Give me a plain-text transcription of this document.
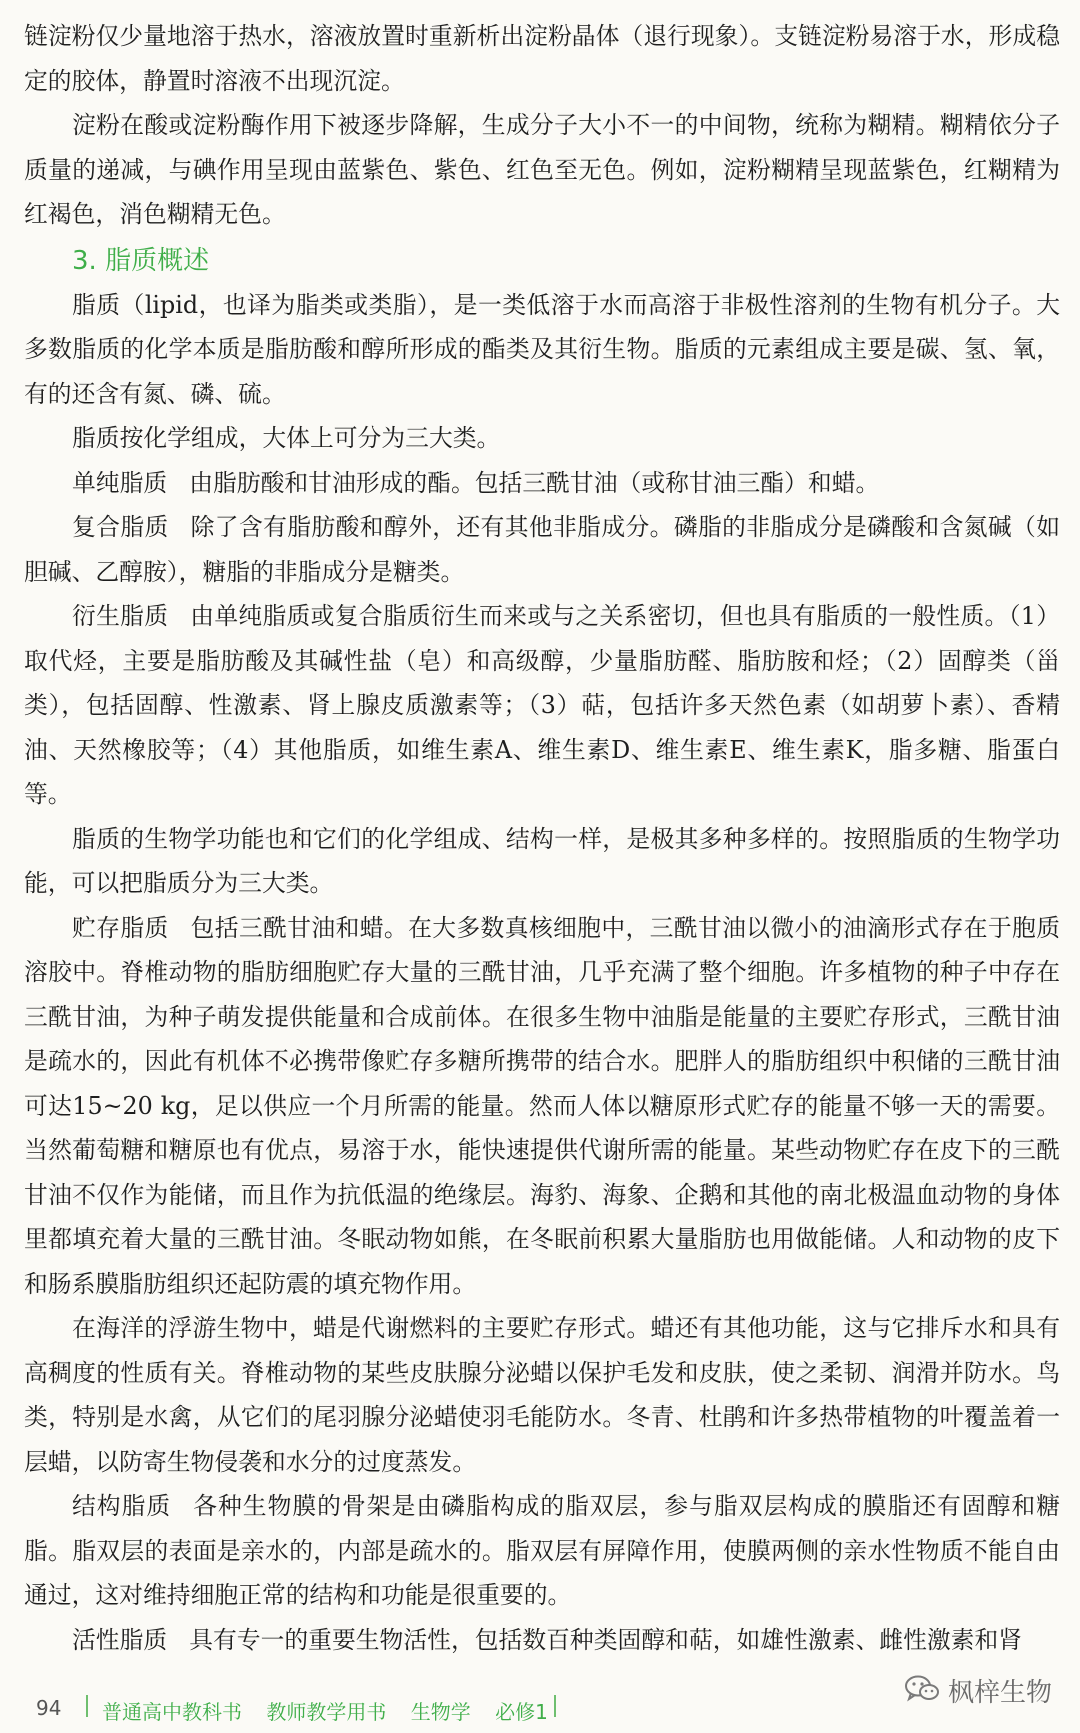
链淀粉仅少量地溶于热水，溶液放置时重新析出淀粉晶体（退行现象）。支链淀粉易溶于水，形成稳定的胶体，静置时溶液不出现沉淀。

淀粉在酸或淀粉酶作用下被逐步降解，生成分子大小不一的中间物，统称为糊精。糊精依分子质量的递减，与碘作用呈现由蓝紫色、紫色、红色至无色。例如，淀粉糊精呈现蓝紫色，红糊精为红褐色，消色糊精无色。

3. 脂质概述

脂质（lipid，也译为脂类或类脂），是一类低溶于水而高溶于非极性溶剂的生物有机分子。大多数脂质的化学本质是脂肪酸和醇所形成的酯类及其衍生物。脂质的元素组成主要是碳、氢、氧，有的还含有氮、磷、硫。

脂质按化学组成，大体上可分为三大类。

单纯脂质 由脂肪酸和甘油形成的酯。包括三酰甘油（或称甘油三酯）和蜡。

复合脂质 除了含有脂肪酸和醇外，还有其他非脂成分。磷脂的非脂成分是磷酸和含氮碱（如胆碱、乙醇胺），糖脂的非脂成分是糖类。

衍生脂质 由单纯脂质或复合脂质衍生而来或与之关系密切，但也具有脂质的一般性质。（1）取代烃，主要是脂肪酸及其碱性盐（皂）和高级醇，少量脂肪醛、脂肪胺和烃；（2）固醇类（甾类），包括固醇、性激素、肾上腺皮质激素等；（3）萜，包括许多天然色素（如胡萝卜素）、香精油、天然橡胶等；（4）其他脂质，如维生素A、维生素D、维生素E、维生素K，脂多糖、脂蛋白等。

脂质的生物学功能也和它们的化学组成、结构一样，是极其多种多样的。按照脂质的生物学功能，可以把脂质分为三大类。

贮存脂质 包括三酰甘油和蜡。在大多数真核细胞中，三酰甘油以微小的油滴形式存在于胞质溶胶中。脊椎动物的脂肪细胞贮存大量的三酰甘油，几乎充满了整个细胞。许多植物的种子中存在三酰甘油，为种子萌发提供能量和合成前体。在很多生物中油脂是能量的主要贮存形式，三酰甘油是疏水的，因此有机体不必携带像贮存多糖所携带的结合水。肥胖人的脂肪组织中积储的三酰甘油可达15~20 kg，足以供应一个月所需的能量。然而人体以糖原形式贮存的能量不够一天的需要。当然葡萄糖和糖原也有优点，易溶于水，能快速提供代谢所需的能量。某些动物贮存在皮下的三酰甘油不仅作为能储，而且作为抗低温的绝缘层。海豹、海象、企鹅和其他的南北极温血动物的身体里都填充着大量的三酰甘油。冬眠动物如熊，在冬眠前积累大量脂肪也用做能储。人和动物的皮下和肠系膜脂肪组织还起防震的填充物作用。

在海洋的浮游生物中，蜡是代谢燃料的主要贮存形式。蜡还有其他功能，这与它排斥水和具有高稠度的性质有关。脊椎动物的某些皮肤腺分泌蜡以保护毛发和皮肤，使之柔韧、润滑并防水。鸟类，特别是水禽，从它们的尾羽腺分泌蜡使羽毛能防水。冬青、杜鹃和许多热带植物的叶覆盖着一层蜡，以防寄生物侵袭和水分的过度蒸发。

结构脂质 各种生物膜的骨架是由磷脂构成的脂双层，参与脂双层构成的膜脂还有固醇和糖脂。脂双层的表面是亲水的，内部是疏水的。脂双层有屏障作用，使膜两侧的亲水性物质不能自由通过，这对维持细胞正常的结构和功能是很重要的。

活性脂质 具有专一的重要生物活性，包括数百种类固醇和萜，如雄性激素、雌性激素和肾

94 普通高中教科书 教师教学用书 生物学 必修1
枫梓生物
